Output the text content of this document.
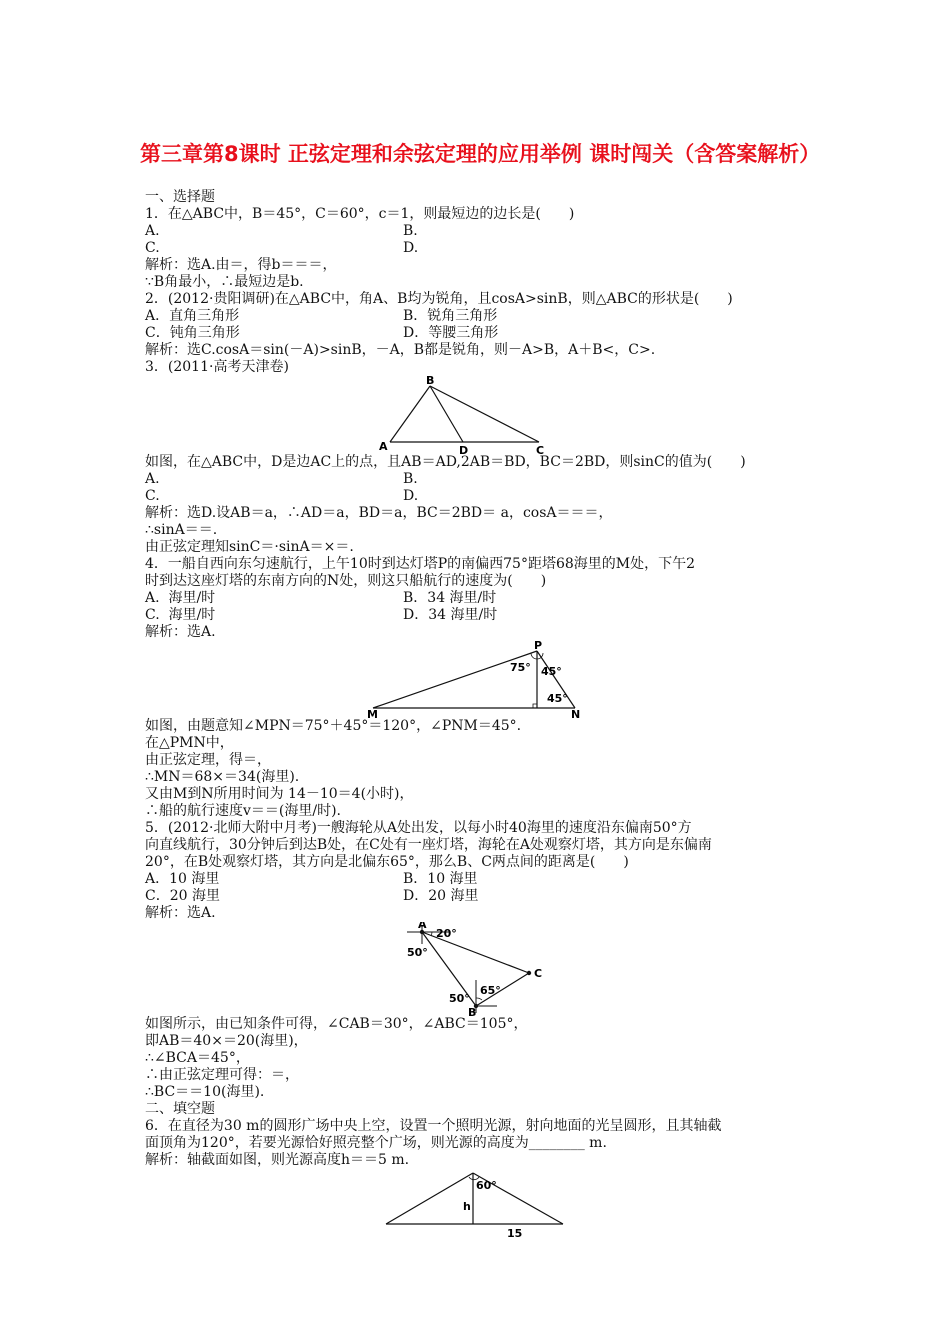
第三章第8课时 正弦定理和余弦定理的应用举例 课时闯关（含答案解析）
一、选择题
1．在△ABC中，B＝45°，C＝60°，c＝1，则最短边的边长是(　　)
A.	B.
C.	D.
解析：选A.由＝，得b＝＝＝，
∵B角最小，∴最短边是b.
2．(2012·贵阳调研)在△ABC中，角A、B均为锐角，且cosA>sinB，则△ABC的形状是(　　)
A．直角三角形	B．锐角三角形
C．钝角三角形	D．等腰三角形
解析：选C.cosA＝sin(－A)>sinB，－A，B都是锐角，则－A>B，A＋B<，C>.
3．(2011·高考天津卷)
B
A	D	C
如图，在△ABC中，D是边AC上的点，且AB＝AD,2AB＝BD，BC＝2BD，则sinC的值为(　　)
A.	B.
C.	D.
解析：选D.设AB＝a，∴AD＝a，BD＝a，BC＝2BD＝ a，cosA＝＝＝，
∴sinA＝＝.
由正弦定理知sinC＝·sinA＝×＝.
4．一船自西向东匀速航行，上午10时到达灯塔P的南偏西75°距塔68海里的M处，下午2
时到达这座灯塔的东南方向的N处，则这只船航行的速度为(　　)
A.  海里/时	B．34 海里/时
C.  海里/时	D．34 海里/时
解析：选A.
P
M	N
75° 45°
45°
如图，由题意知∠MPN＝75°＋45°＝120°，∠PNM＝45°.
在△PMN中，
由正弦定理，得＝，
∴MN＝68×＝34(海里).
又由M到N所用时间为 14－10＝4(小时)，
∴船的航行速度v＝＝(海里/时).
5．(2012·北师大附中月考)一艘海轮从A处出发，以每小时40海里的速度沿东偏南50°方
向直线航行，30分钟后到达B处，在C处有一座灯塔，海轮在A处观察灯塔，其方向是东偏南
20°，在B处观察灯塔，其方向是北偏东65°，那么B、C两点间的距离是(　　)
A．10 海里	B．10 海里
C．20 海里	D．20 海里
解析：选A.
A
B
C
20°
50°
50°
65°
如图所示，由已知条件可得，∠CAB＝30°，∠ABC＝105°，
即AB＝40×＝20(海里)，
∴∠BCA＝45°，
∴由正弦定理可得：＝，
∴BC＝＝10(海里).
二、填空题
6．在直径为30 m的圆形广场中央上空，设置一个照明光源，射向地面的光呈圆形，且其轴截
面顶角为120°，若要光源恰好照亮整个广场，则光源的高度为________ m.
解析：轴截面如图，则光源高度h＝＝5 m.
60°
h
15
